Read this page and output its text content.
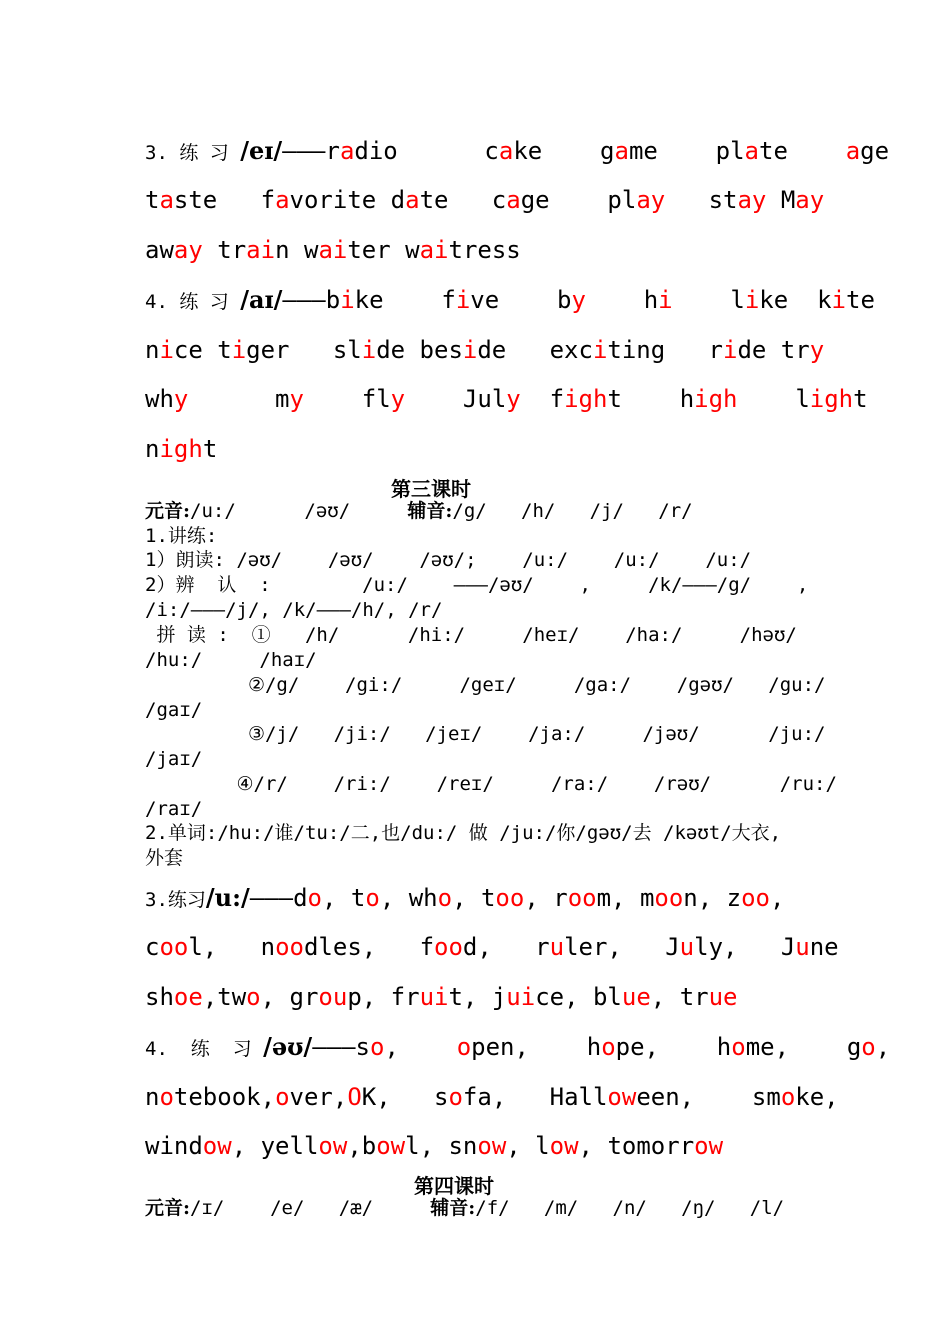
3. 练 习 /eɪ/———radio      cake    game    plate    age
taste   favorite date   cage    play   stay May
away train waiter waitress
4. 练 习 /aɪ/———bike    five    by    hi    like  kite
nice tiger   slide beside   exciting   ride try
why      my    fly    July  fight    high    light
night
第三课时
元音:/u:/      /əʊ/	辅音:/g/   /h/   /j/   /r/
1.讲练:
1）朗读: /əʊ/    /əʊ/    /əʊ/;    /u:/    /u:/    /u:/
2）辨  认  :        /u:/    ———/əʊ/    ,     /k/———/g/    ,
/i:/———/j/, /k/———/h/, /r/
拼 读 :  ①   /h/      /hi:/     /heɪ/    /ha:/     /həʊ/
/hu:/     /haɪ/
②/g/    /gi:/     /geɪ/     /ga:/    /gəʊ/   /gu:/
/gaɪ/
③/j/   /ji:/   /jeɪ/    /ja:/     /jəʊ/      /ju:/
/jaɪ/
④/r/    /ri:/    /reɪ/     /ra:/    /rəʊ/      /ru:/
/raɪ/
2.单词:/hu:/谁/tu:/二,也/du:/ 做 /ju:/你/gəʊ/去 /kəʊt/大衣,
外套
3.练习/u:/———do, to, who, too, room, moon, zoo,
cool,   noodles,   food,   ruler,   July,   June
shoe,two, group, fruit, juice, blue, true
4.  练  习 /əʊ/———so,    open,    hope,    home,    go,
notebook,over,OK,   sofa,   Halloween,    smoke,
window, yellow,bowl, snow, low, tomorrow
第四课时
元音:/ɪ/    /e/   /æ/	辅音:/f/   /m/   /n/   /ŋ/   /l/
